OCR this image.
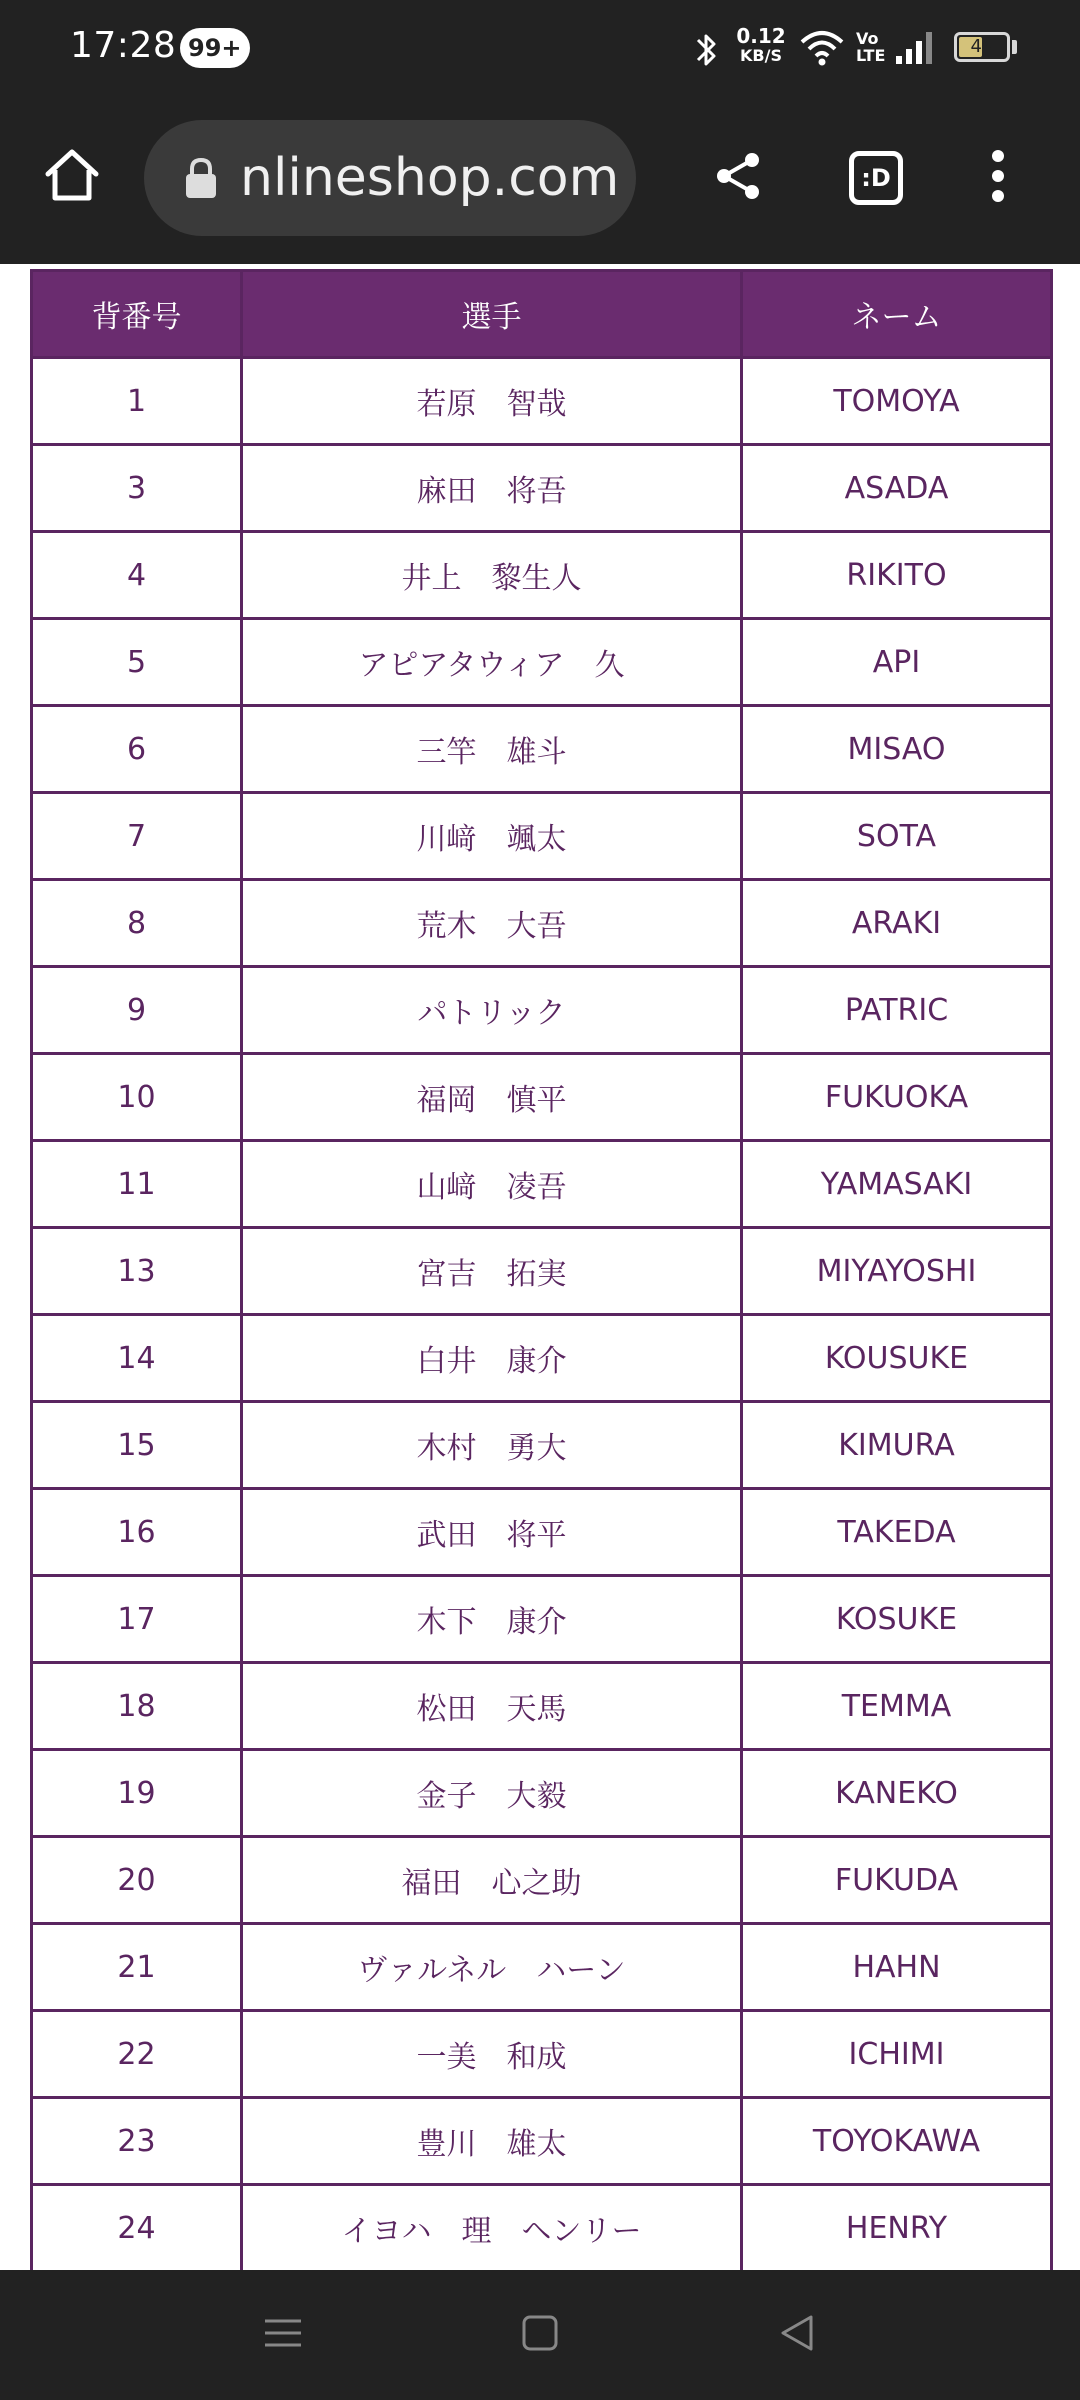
17:28 99+	0.12
KB/S
Vo
LTE	46
nlineshop.com	:D
背番号	選手	ネーム
1	若原　智哉	TOMOYA
3	麻田　将吾	ASADA
4	井上　黎生人	RIKITO
5	アピアタウィア　久	API
6	三竿　雄斗	MISAO
7	川﨑　颯太	SOTA
8	荒木　大吾	ARAKI
9	パトリック	PATRIC
10	福岡　慎平	FUKUOKA
11	山﨑　凌吾	YAMASAKI
13	宮吉　拓実	MIYAYOSHI
14	白井　康介	KOUSUKE
15	木村　勇大	KIMURA
16	武田　将平	TAKEDA
17	木下　康介	KOSUKE
18	松田　天馬	TEMMA
19	金子　大毅	KANEKO
20	福田　心之助	FUKUDA
21	ヴァルネル　ハーン	HAHN
22	一美　和成	ICHIMI
23	豊川　雄太	TOYOKAWA
24	イヨハ　理　ヘンリー	HENRY
